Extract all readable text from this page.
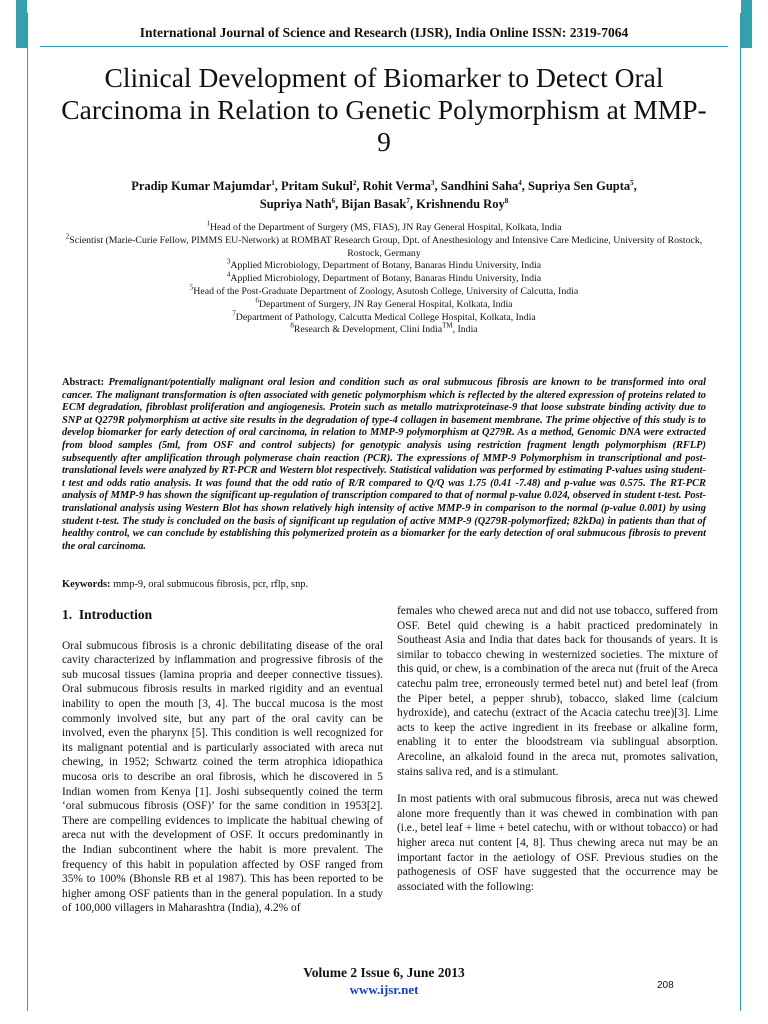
International Journal of Science and Research (IJSR), India Online ISSN: 2319-7064
Clinical Development of Biomarker to Detect Oral Carcinoma in Relation to Genetic Polymorphism at MMP-9
Pradip Kumar Majumdar$^1$, Pritam Sukul$^2$, Rohit Verma$^3$, Sandhini Saha$^4$, Supriya Sen Gupta$^5$,
Supriya Nath$^6$, Bijan Basak$^7$, Krishnendu Roy$^8$
$^1$Head of the Department of Surgery (MS, FIAS), JN Ray General Hospital, Kolkata, India
$^2$Scientist (Marie-Curie Fellow, PIMMS EU-Network) at ROMBAT Research Group, Dpt. of Anesthesiology and Intensive Care Medicine, University of Rostock, Rostock, Germany
$^3$Applied Microbiology, Department of Botany, Banaras Hindu University, India
$^4$Applied Microbiology, Department of Botany, Banaras Hindu University, India
$^5$Head of the Post-Graduate Department of Zoology, Asutosh College, University of Calcutta, India
$^6$Department of Surgery, JN Ray General Hospital, Kolkata, India
$^7$Department of Pathology, Calcutta Medical College Hospital, Kolkata, India
$^8$Research & Development, Clini India™, India
Abstract: Premalignant/potentially malignant oral lesion and condition such as oral submucous fibrosis are known to be transformed into oral cancer. The malignant transformation is often associated with genetic polymorphism which is reflected by the altered expression of proteins related to ECM degradation, fibroblast proliferation and angiogenesis. Protein such as metallo matrixproteinase-9 that loose substrate binding activity due to SNP at Q279R polymorphism at active site results in the degradation of type-4 collagen in basement membrane. The prime objective of this study is to develop biomarker for early detection of oral carcinoma, in relation to MMP-9 polymorphism at Q279R. As a method, Genomic DNA were extracted from blood samples (5ml, from OSF and control subjects) for genotypic analysis using restriction fragment length polymorphism (RFLP) subsequently after amplification through polymerase chain reaction (PCR). The expressions of MMP-9 Polymorphism in transcriptional and post-translational levels were analyzed by RT-PCR and Western blot respectively. Statistical validation was performed by estimating P-values using student-t test and odds ratio analysis. It was found that the odd ratio of R/R compared to Q/Q was 1.75 (0.41 -7.48) and p-value was 0.575. The RT-PCR analysis of MMP-9 has shown the significant up-regulation of transcription compared to that of normal p-value 0.024, observed in student t-test. Post- translational analysis using Western Blot has shown relatively high intensity of active MMP-9 in comparison to the normal (p-value 0.001) by using student t-test. The study is concluded on the basis of significant up regulation of active MMP-9 (Q279R-polymorfized; 82kDa) in patients than that of healthy control, we can conclude by establishing this polymerized protein as a biomarker for the early detection of oral submucous fibrosis to prevent the oral carcinoma.
Keywords: mmp-9, oral submucous fibrosis, pcr, rflp, snp.
1. Introduction

Oral submucous fibrosis is a chronic debilitating disease of the oral cavity characterized by inflammation and progressive fibrosis of the sub mucosal tissues (lamina propria and deeper connective tissues). Oral submucous fibrosis results in marked rigidity and an eventual inability to open the mouth [3, 4]. The buccal mucosa is the most commonly involved site, but any part of the oral cavity can be involved, even the pharynx [5]. This condition is well recognized for its malignant potential and is particularly associated with areca nut chewing, in 1952; Schwartz coined the term atrophica idiopathica mucosa oris to describe an oral fibrosis, which he discovered in 5 Indian women from Kenya [1]. Joshi subsequently coined the term ‘oral submucous fibrosis (OSF)’ for the same condition in 1953[2]. There are compelling evidences to implicate the habitual chewing of areca nut with the development of OSF. It occurs predominantly in the Indian subcontinent where the habit is more prevalent. The frequency of this habit in population affected by OSF ranged from 35% to 100% (Bhonsle RB et al 1987). This has been reported to be higher among OSF patients than in the general population. In a study of 100,000 villagers in Maharashtra (India), 4.2% of

females who chewed areca nut and did not use tobacco, suffered from OSF. Betel quid chewing is a habit practiced predominately in Southeast Asia and India that dates back for thousands of years. It is similar to tobacco chewing in westernized societies. The mixture of this quid, or chew, is a combination of the areca nut (fruit of the Areca catechu palm tree, erroneously termed betel nut) and betel leaf (from the Piper betel, a pepper shrub), tobacco, slaked lime (calcium hydroxide), and catechu (extract of the Acacia catechu tree)[3]. Lime acts to keep the active ingredient in its freebase or alkaline form, enabling it to enter the bloodstream via sublingual absorption. Arecoline, an alkaloid found in the areca nut, promotes salivation, stains saliva red, and is a stimulant.

In most patients with oral submucous fibrosis, areca nut was chewed alone more frequently than it was chewed in combination with pan (i.e., betel leaf + lime + betel catechu, with or without tobacco) or had higher areca nut content [4, 8]. Thus chewing areca nut may be an important factor in the aetiology of OSF. Previous studies on the pathogenesis of OSF have suggested that the occurrence may be associated with the following:

Volume 2 Issue 6, June 2013
www.ijsr.net	208
